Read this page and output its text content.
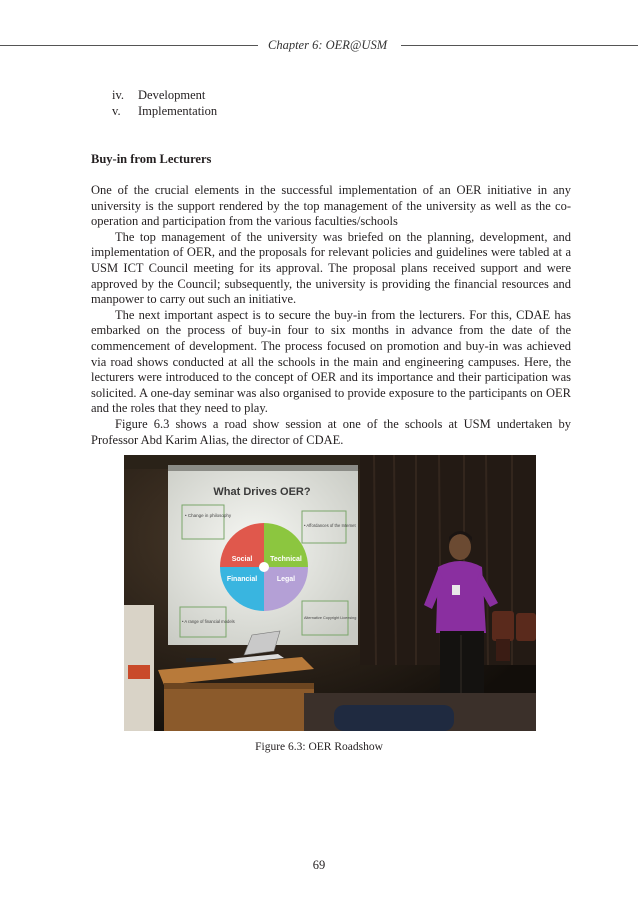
Chapter 6: OER@USM
iv.	Development
v.	Implementation
Buy-in from Lecturers

One of the crucial elements in the successful implementation of an OER initiative in any university is the support rendered by the top management of the university as well as the co-operation and participation from the various faculties/schools

The top management of the university was briefed on the planning, development, and implementation of OER, and the proposals for relevant policies and guidelines were tabled at a USM ICT Council meeting for its approval. The proposal plans received support and were approved by the Council; subsequently, the university is providing the financial resources and manpower to carry out such an initiative.

The next important aspect is to secure the buy-in from the lecturers. For this, CDAE has embarked on the process of buy-in four to six months in advance from the date of the commencement of development. The process focused on promotion and buy-in was achieved via road shows conducted at all the schools in the main and engineering campuses. Here, the lecturers were introduced to the concept of OER and its importance and their participation was solicited. A one-day seminar was also organised to provide exposure to the participants on OER and the roles that they need to play.

Figure 6.3 shows a road show session at one of the schools at USM undertaken by Professor Abd Karim Alias, the director of CDAE.

What Drives OER?
Social	Technical
Financial	Legal
• Change in philosophy
• Affordances of the Internet
• A range of financial models
Alternative Copyright Licensing
Figure 6.3: OER Roadshow
69
